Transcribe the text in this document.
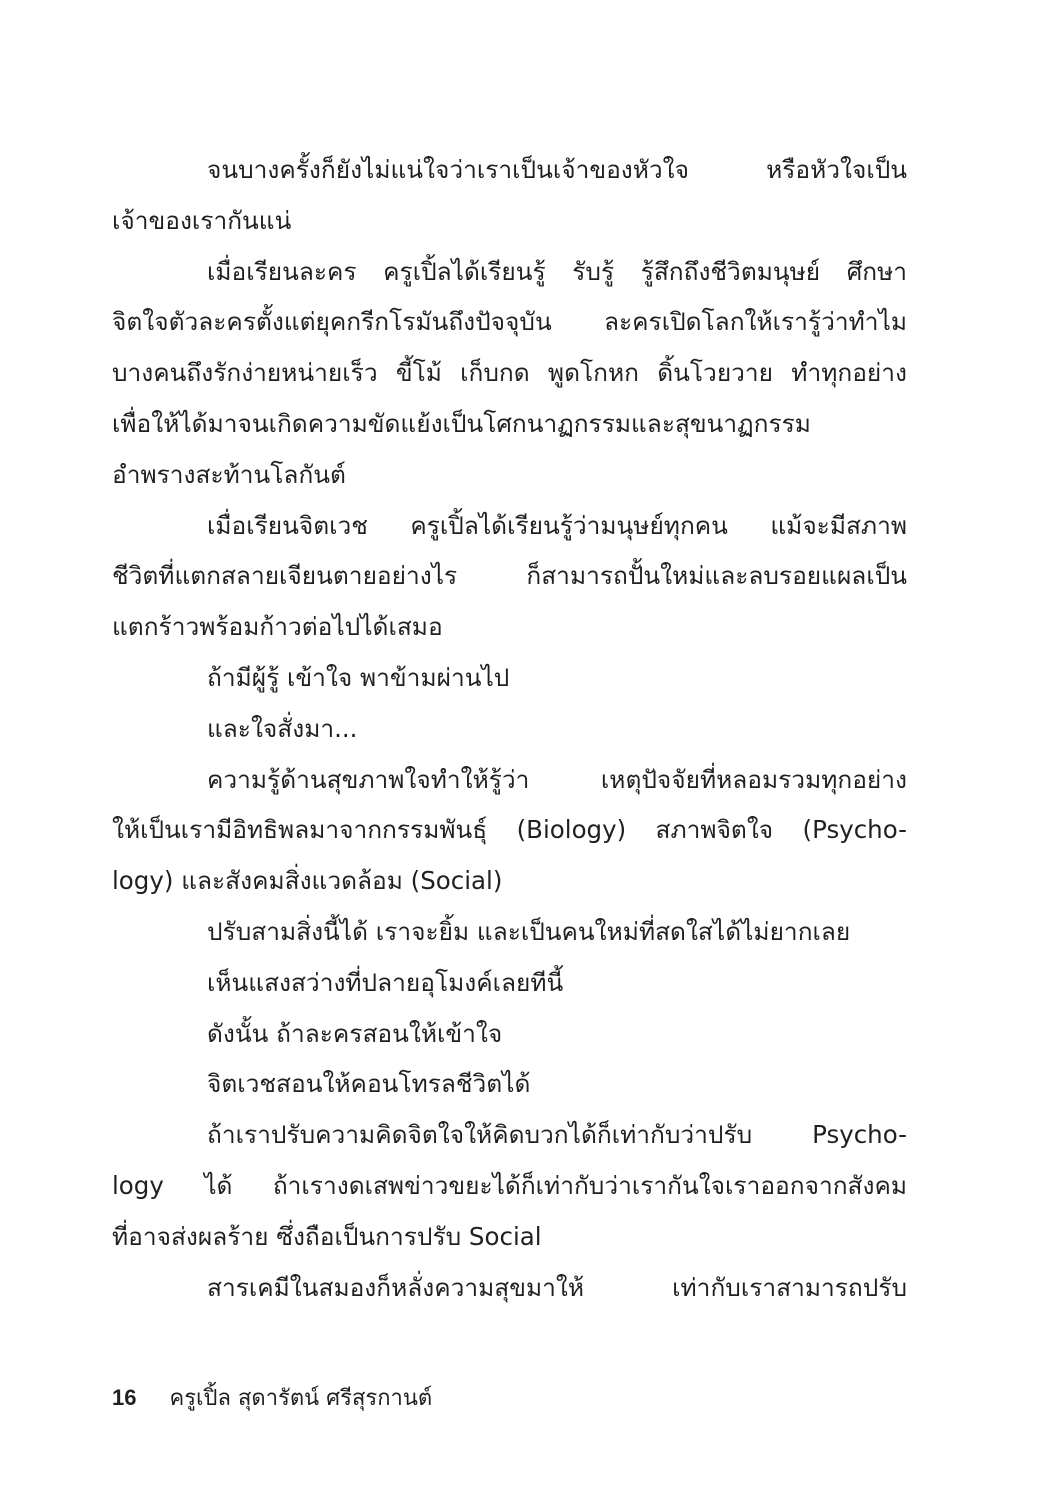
จนบางครั้งก็ยังไม่แน่ใจว่าเราเป็นเจ้าของหัวใจ หรือหัวใจเป็น
เจ้าของเรากันแน่
เมื่อเรียนละคร ครูเปิ้ลได้เรียนรู้ รับรู้ รู้สึกถึงชีวิตมนุษย์ ศึกษา
จิตใจตัวละครตั้งแต่ยุคกรีกโรมันถึงปัจจุบัน ละครเปิดโลกให้เรารู้ว่าทำไม
บางคนถึงรักง่ายหน่ายเร็ว ขี้โม้ เก็บกด พูดโกหก ดิ้นโวยวาย ทำทุกอย่าง
เพื่อให้ได้มาจนเกิดความขัดแย้งเป็นโศกนาฏกรรมและสุขนาฏกรรม
อำพรางสะท้านโลกันต์
เมื่อเรียนจิตเวช ครูเปิ้ลได้เรียนรู้ว่ามนุษย์ทุกคน แม้จะมีสภาพ
ชีวิตที่แตกสลายเจียนตายอย่างไร ก็สามารถปั้นใหม่และลบรอยแผลเป็น
แตกร้าวพร้อมก้าวต่อไปได้เสมอ
ถ้ามีผู้รู้ เข้าใจ พาข้ามผ่านไป
และใจสั่งมา...
ความรู้ด้านสุขภาพใจทำให้รู้ว่า เหตุปัจจัยที่หลอมรวมทุกอย่าง
ให้เป็นเรามีอิทธิพลมาจากกรรมพันธุ์ (Biology) สภาพจิตใจ (Psycho-
logy) และสังคมสิ่งแวดล้อม (Social)
ปรับสามสิ่งนี้ได้ เราจะยิ้ม และเป็นคนใหม่ที่สดใสได้ไม่ยากเลย
เห็นแสงสว่างที่ปลายอุโมงค์เลยทีนี้
ดังนั้น ถ้าละครสอนให้เข้าใจ
จิตเวชสอนให้คอนโทรลชีวิตได้
ถ้าเราปรับความคิดจิตใจให้คิดบวกได้ก็เท่ากับว่าปรับ Psycho-
logy ได้ ถ้าเรางดเสพข่าวขยะได้ก็เท่ากับว่าเรากันใจเราออกจากสังคม
ที่อาจส่งผลร้าย ซึ่งถือเป็นการปรับ Social
สารเคมีในสมองก็หลั่งความสุขมาให้ เท่ากับเราสามารถปรับ
16 ครูเปิ้ล สุดารัตน์ ศรีสุรกานต์
